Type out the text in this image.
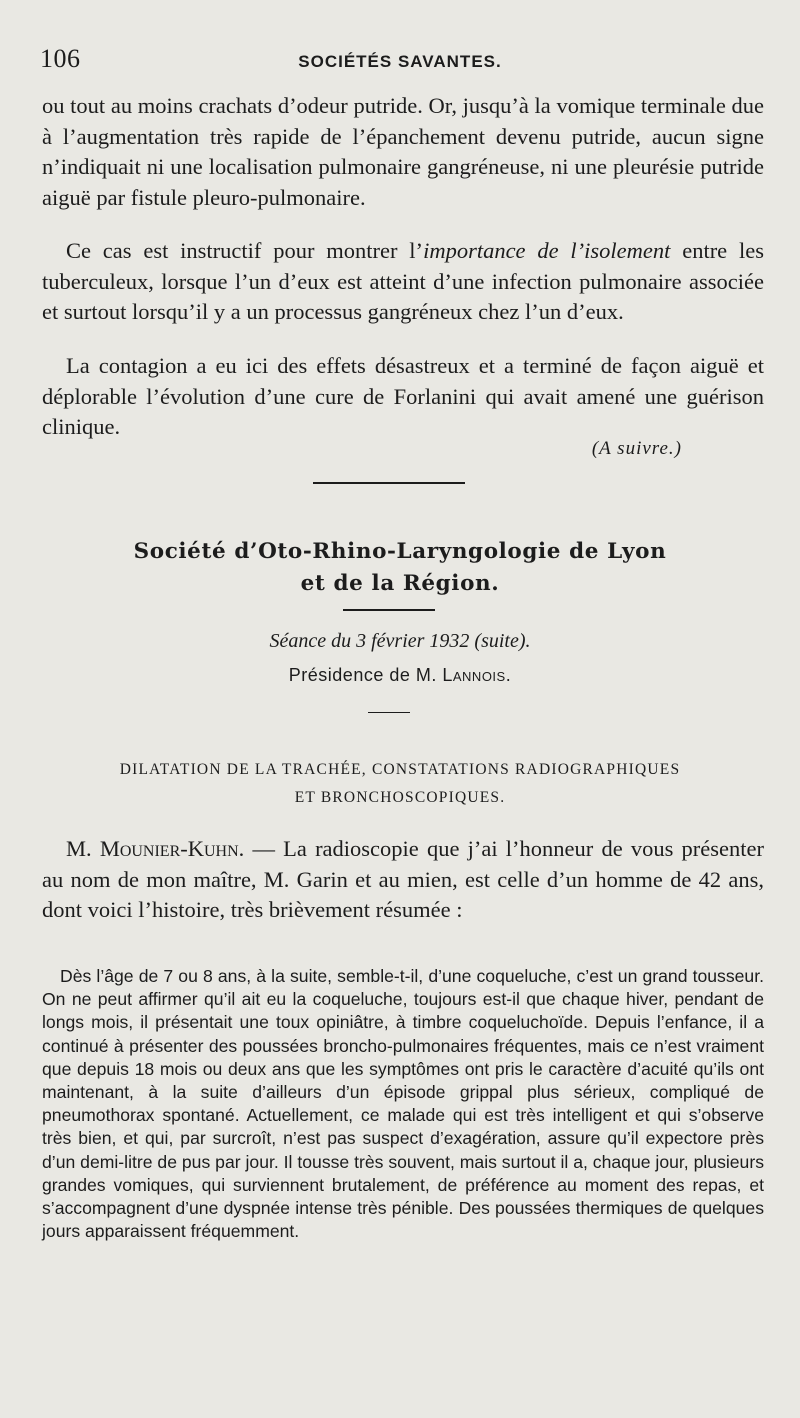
106	SOCIÉTÉS SAVANTES.

ou tout au moins crachats d’odeur putride. Or, jusqu’à la vomique terminale due à l’augmentation très rapide de l’épanchement devenu putride, aucun signe n’indiquait ni une localisation pulmonaire gangréneuse, ni une pleurésie putride aiguë par fistule pleuro-pulmonaire.

Ce cas est instructif pour montrer l’importance de l’isolement entre les tuberculeux, lorsque l’un d’eux est atteint d’une infection pulmonaire associée et surtout lorsqu’il y a un processus gangréneux chez l’un d’eux.

La contagion a eu ici des effets désastreux et a terminé de façon aiguë et déplorable l’évolution d’une cure de Forlanini qui avait amené une guérison clinique.

(A suivre.)
Société d’Oto-Rhino-Laryngologie de Lyon
et de la Région.
Séance du 3 février 1932 (suite).
Présidence de M. Lannois.
DILATATION DE LA TRACHÉE, CONSTATATIONS RADIOGRAPHIQUES
ET BRONCHOSCOPIQUES.

M. Mounier-Kuhn. — La radioscopie que j’ai l’honneur de vous présenter au nom de mon maître, M. Garin et au mien, est celle d’un homme de 42 ans, dont voici l’histoire, très brièvement résumée :

Dès l’âge de 7 ou 8 ans, à la suite, semble-t-il, d’une coqueluche, c’est un grand tousseur. On ne peut affirmer qu’il ait eu la coqueluche, toujours est-il que chaque hiver, pendant de longs mois, il présentait une toux opiniâtre, à timbre coqueluchoïde. Depuis l’enfance, il a continué à présenter des poussées broncho-pulmonaires fréquentes, mais ce n’est vraiment que depuis 18 mois ou deux ans que les symptômes ont pris le caractère d’acuité qu’ils ont maintenant, à la suite d’ailleurs d’un épisode grippal plus sérieux, compliqué de pneumothorax spontané. Actuellement, ce malade qui est très intelligent et qui s’observe très bien, et qui, par surcroît, n’est pas suspect d’exagération, assure qu’il expectore près d’un demi-litre de pus par jour. Il tousse très souvent, mais surtout il a, chaque jour, plusieurs grandes vomiques, qui surviennent brutalement, de préférence au moment des repas, et s’accompagnent d’une dyspnée intense très pénible. Des poussées thermiques de quelques jours apparaissent fréquemment.
